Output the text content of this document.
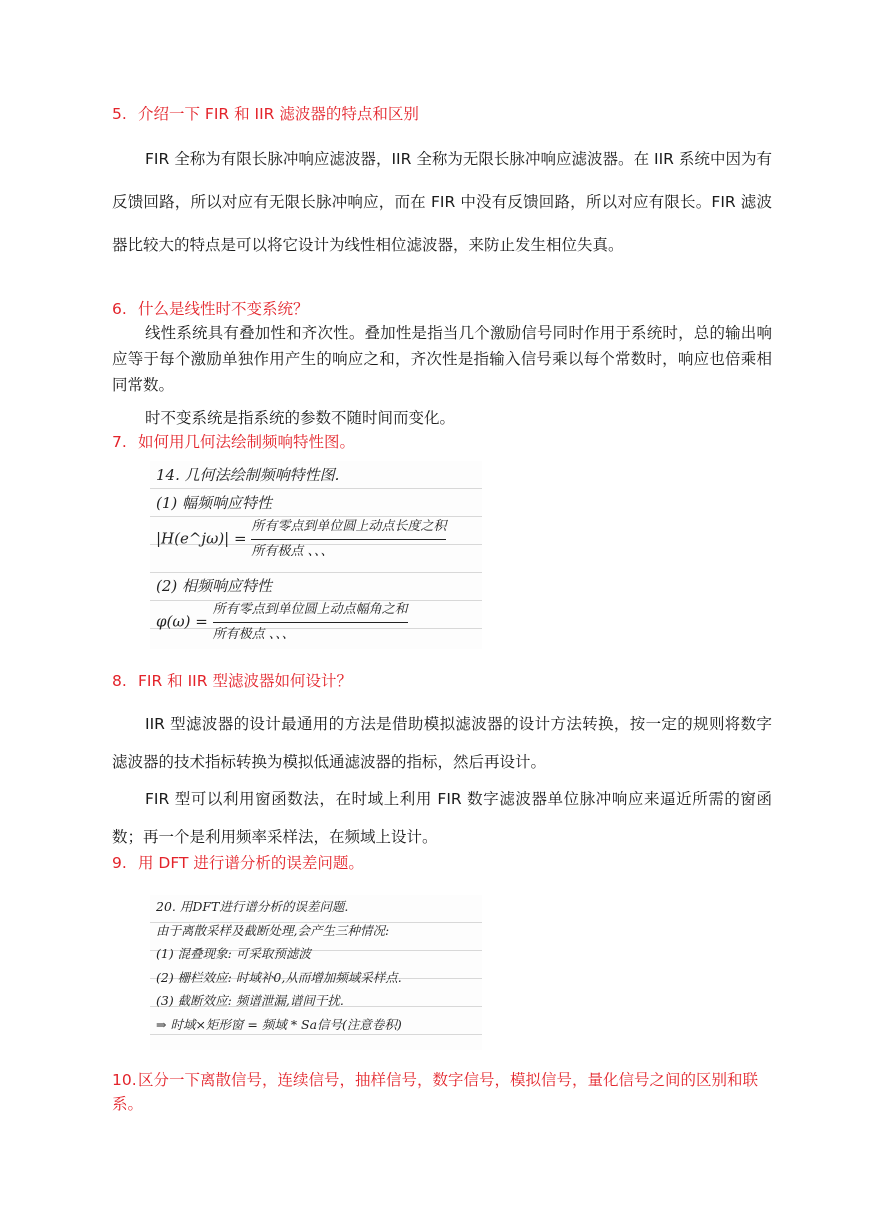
5. 介绍一下 FIR 和 IIR 滤波器的特点和区别

FIR 全称为有限长脉冲响应滤波器，IIR 全称为无限长脉冲响应滤波器。在 IIR 系统中因为有反馈回路，所以对应有无限长脉冲响应，而在 FIR 中没有反馈回路，所以对应有限长。FIR 滤波器比较大的特点是可以将它设计为线性相位滤波器，来防止发生相位失真。

6. 什么是线性时不变系统？

线性系统具有叠加性和齐次性。叠加性是指当几个激励信号同时作用于系统时，总的输出响应等于每个激励单独作用产生的响应之和，齐次性是指输入信号乘以每个常数时，响应也倍乘相同常数。

时不变系统是指系统的参数不随时间而变化。

7. 如何用几何法绘制频响特性图。
14. 几何法绘制频响特性图.
(1) 幅频响应特性
|H(e^jω)| = $\frac{\text{所有零点到单位圆上动点长度之积}}{\text{所有极点 、、、}}$
(2) 相频响应特性
$\varphi(\omega) = \frac{\text{所有零点到单位圆上动点幅角之和}}{\text{所有极点 、、、}}$
8. FIR 和 IIR 型滤波器如何设计？

IIR 型滤波器的设计最通用的方法是借助模拟滤波器的设计方法转换，按一定的规则将数字滤波器的技术指标转换为模拟低通滤波器的指标，然后再设计。

FIR 型可以利用窗函数法，在时域上利用 FIR 数字滤波器单位脉冲响应来逼近所需的窗函数；再一个是利用频率采样法，在频域上设计。

9. 用 DFT 进行谱分析的误差问题。
20. 用DFT进行谱分析的误差问题.
由于离散采样及截断处理,会产生三种情况:
(1) 混叠现象: 可采取预滤波
(2) 栅栏效应: 时域补0,从而增加频域采样点.
(3) 截断效应: 频谱泄漏,谱间干扰.
⇒ 时域×矩形窗 = 频域 * Sa信号(注意卷积)
10.区分一下离散信号，连续信号，抽样信号，数字信号，模拟信号，量化信号之间的区别和联系。
